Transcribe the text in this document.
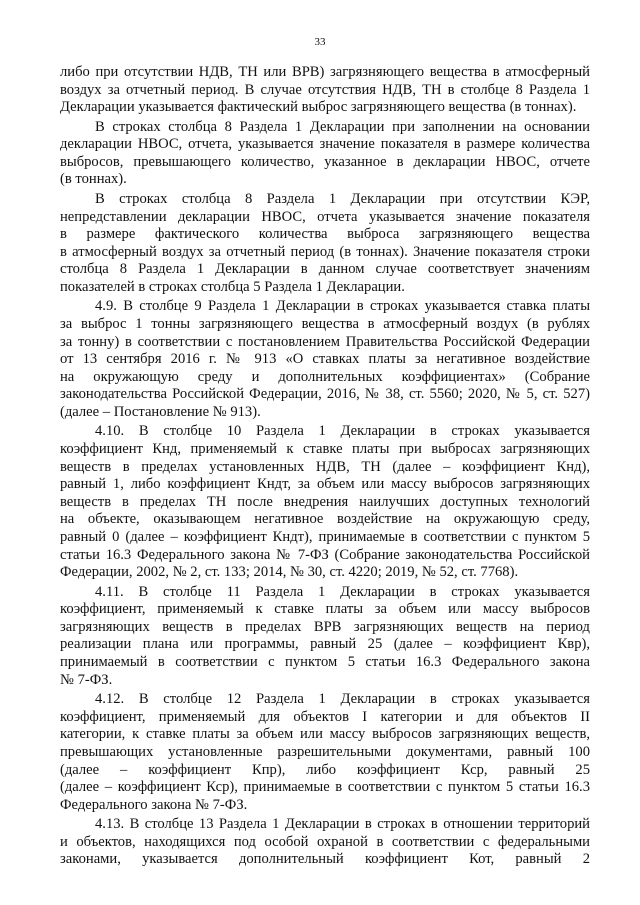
33
либо при отсутствии НДВ, ТН или ВРВ) загрязняющего вещества в атмосферный
воздух за отчетный период. В случае отсутствия НДВ, ТН в столбце 8 Раздела 1
Декларации указывается фактический выброс загрязняющего вещества (в тоннах).
В строках столбца 8 Раздела 1 Декларации при заполнении на основании
декларации НВОС, отчета, указывается значение показателя в размере количества
выбросов, превышающего количество, указанное в декларации НВОС, отчете
(в тоннах).
В строках столбца 8 Раздела 1 Декларации при отсутствии КЭР,
непредставлении декларации НВОС, отчета указывается значение показателя
в размере фактического количества выброса загрязняющего вещества
в атмосферный воздух за отчетный период (в тоннах). Значение показателя строки
столбца 8 Раздела 1 Декларации в данном случае соответствует значениям
показателей в строках столбца 5 Раздела 1 Декларации.
4.9. В столбце 9 Раздела 1 Декларации в строках указывается ставка платы
за выброс 1 тонны загрязняющего вещества в атмосферный воздух (в рублях
за тонну) в соответствии с постановлением Правительства Российской Федерации
от 13 сентября 2016 г. № 913 «О ставках платы за негативное воздействие
на окружающую среду и дополнительных коэффициентах» (Собрание
законодательства Российской Федерации, 2016, № 38, ст. 5560; 2020, № 5, ст. 527)
(далее – Постановление № 913).
4.10. В столбце 10 Раздела 1 Декларации в строках указывается
коэффициент Кнд, применяемый к ставке платы при выбросах загрязняющих
веществ в пределах установленных НДВ, ТН (далее – коэффициент Кнд),
равный 1, либо коэффициент Кндт, за объем или массу выбросов загрязняющих
веществ в пределах ТН после внедрения наилучших доступных технологий
на объекте, оказывающем негативное воздействие на окружающую среду,
равный 0 (далее – коэффициент Кндт), принимаемые в соответствии с пунктом 5
статьи 16.3 Федерального закона № 7-ФЗ (Собрание законодательства Российской
Федерации, 2002, № 2, ст. 133; 2014, № 30, ст. 4220; 2019, № 52, ст. 7768).
4.11. В столбце 11 Раздела 1 Декларации в строках указывается
коэффициент, применяемый к ставке платы за объем или массу выбросов
загрязняющих веществ в пределах ВРВ загрязняющих веществ на период
реализации плана или программы, равный 25 (далее – коэффициент Квр),
принимаемый в соответствии с пунктом 5 статьи 16.3 Федерального закона
№ 7-ФЗ.
4.12. В столбце 12 Раздела 1 Декларации в строках указывается
коэффициент, применяемый для объектов I категории и для объектов II
категории, к ставке платы за объем или массу выбросов загрязняющих веществ,
превышающих установленные разрешительными документами, равный 100
(далее – коэффициент Кпр), либо коэффициент Кср, равный 25
(далее – коэффициент Кср), принимаемые в соответствии с пунктом 5 статьи 16.3
Федерального закона № 7-ФЗ.
4.13. В столбце 13 Раздела 1 Декларации в строках в отношении территорий
и объектов, находящихся под особой охраной в соответствии с федеральными
законами, указывается дополнительный коэффициент Кот, равный 2
